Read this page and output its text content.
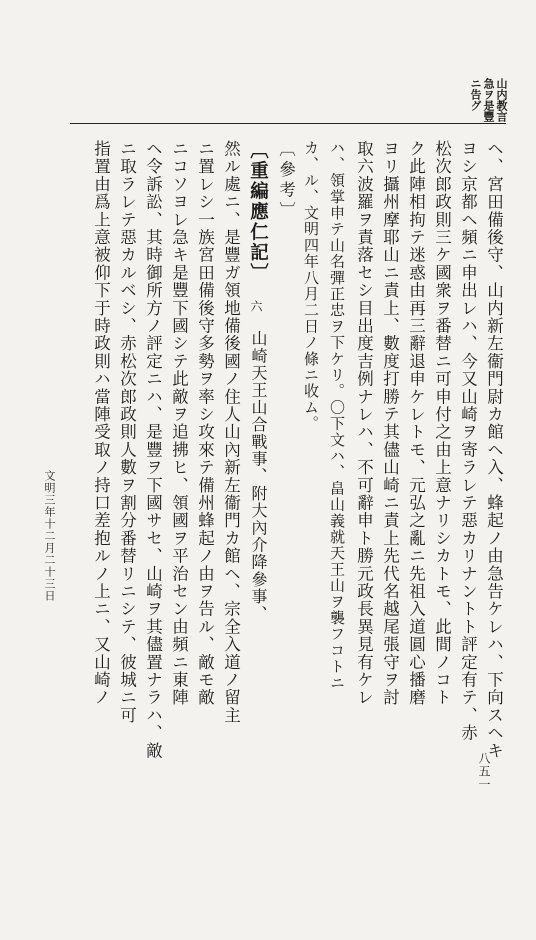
山内教言
急ヲ是豐
ニ告グ
ヘ、宮田備後守、山内新左衞門尉カ館ヘ入、蜂起ノ由急告ケレハ、下向スヘキ
ヨシ京都ヘ頻ニ申出レハ、今又山崎ヲ寄ラレテ惡カリナントト評定有テ、赤
松次郎政則三ケ國衆ヲ番替ニ可申付之由上意ナリシカトモ、此間ノコト
ク此陣相拘テ迷惑由再三辭退申ケレトモ、元弘之亂ニ先祖入道圓心播磨
ヨリ攝州摩耶山ニ責上、數度打勝テ其儘山崎ニ責上先代名越尾張守ヲ討
取六波羅ヲ責落セシ目出度吉例ナレハ、不可辭申ト勝元政長異見有ケレ
ハ、領掌申テ山名彈正忠ヲ下ケリ。〇下文ハ、畠山義就天王山ヲ襲フコトニ
カ、ル、文明四年八月二日ノ條ニ收ム。
〔參考〕
〔重編應仁記〕
六
山崎天王山合戰事、附大內介降參事、
然ル處ニ、是豐ガ領地備後國ノ住人山內新左衞門カ館ヘ、宗全入道ノ留主
ニ置レシ一族宮田備後守多勢ヲ率シ攻來テ備州蜂起ノ由ヲ告ル、敵モ敵
ニコソヨレ急キ是豐下國シテ此敵ヲ追拂ヒ、領國ヲ平治セン由頻ニ東陣
ヘ令訴訟、其時御所方ノ評定ニハ、是豐ヲ下國サセ、山崎ヲ其儘置ナラハ、敵
ニ取ラレテ惡カルベシ、赤松次郎政則人數ヲ割分番替リニシテ、彼城ニ可
指置由爲上意被仰下于時政則ハ當陣受取ノ持口差抱ルノ上ニ、又山崎ノ
文明三年十二月二十三日
八五一
